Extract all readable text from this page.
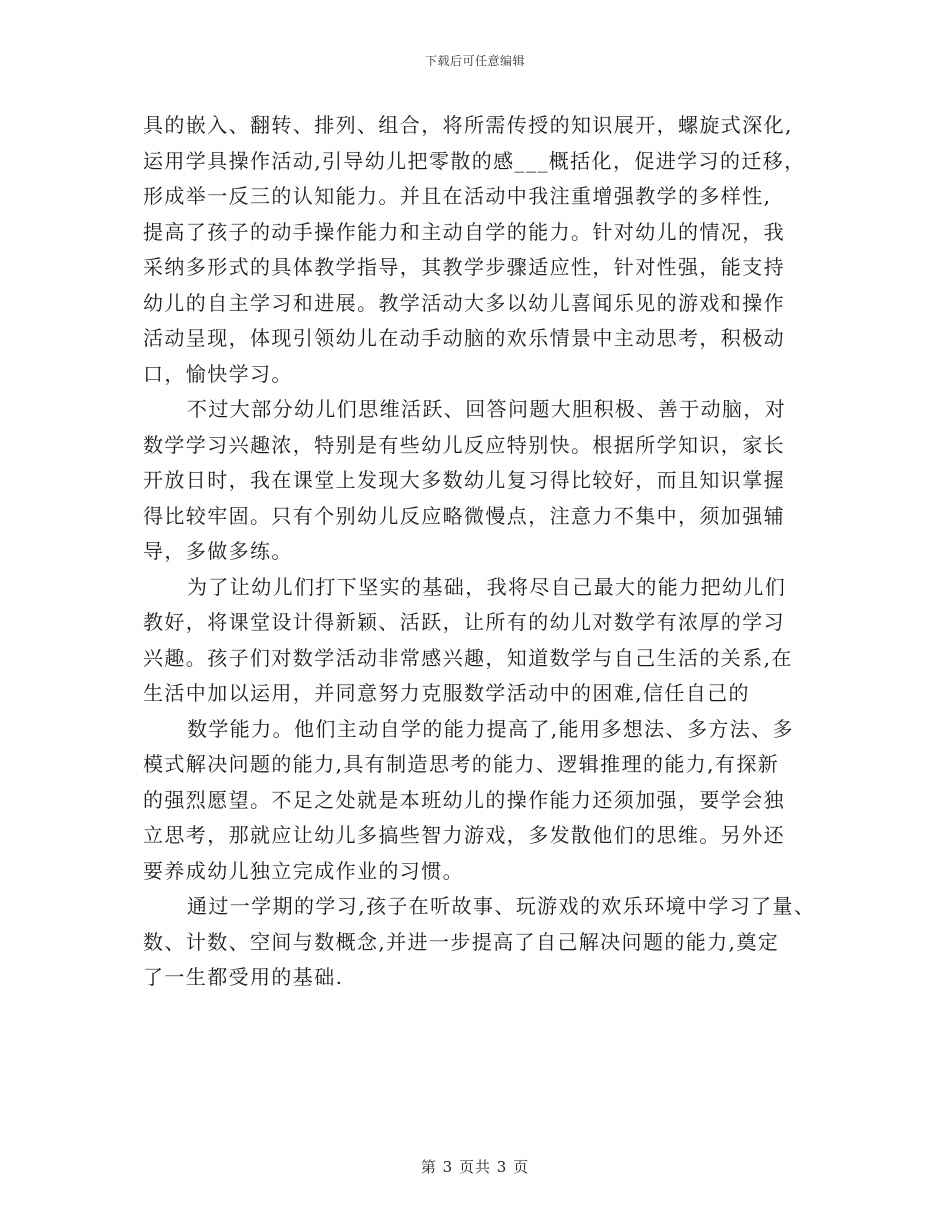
下载后可任意编辑
具的嵌入、翻转、排列、组合，将所需传授的知识展开，螺旋式深化,
运用学具操作活动,引导幼儿把零散的感___概括化，促进学习的迁移，
形成举一反三的认知能力。并且在活动中我注重增强教学的多样性,
提高了孩子的动手操作能力和主动自学的能力。针对幼儿的情况，我
采纳多形式的具体教学指导，其教学步骤适应性，针对性强，能支持
幼儿的自主学习和进展。教学活动大多以幼儿喜闻乐见的游戏和操作
活动呈现，体现引领幼儿在动手动脑的欢乐情景中主动思考，积极动
口，愉快学习。
不过大部分幼儿们思维活跃、回答问题大胆积极、善于动脑，对
数学学习兴趣浓，特别是有些幼儿反应特别快。根据所学知识，家长
开放日时，我在课堂上发现大多数幼儿复习得比较好，而且知识掌握
得比较牢固。只有个别幼儿反应略微慢点，注意力不集中，须加强辅
导，多做多练。
为了让幼儿们打下坚实的基础，我将尽自己最大的能力把幼儿们
教好，将课堂设计得新颖、活跃，让所有的幼儿对数学有浓厚的学习
兴趣。孩子们对数学活动非常感兴趣，知道数学与自己生活的关系,在
生活中加以运用，并同意努力克服数学活动中的困难,信任自己的
数学能力。他们主动自学的能力提高了,能用多想法、多方法、多
模式解决问题的能力,具有制造思考的能力、逻辑推理的能力,有探新
的强烈愿望。不足之处就是本班幼儿的操作能力还须加强，要学会独
立思考，那就应让幼儿多搞些智力游戏，多发散他们的思维。另外还
要养成幼儿独立完成作业的习惯。
通过一学期的学习,孩子在听故事、玩游戏的欢乐环境中学习了量、
数、计数、空间与数概念,并进一步提高了自己解决问题的能力,奠定
了一生都受用的基础.
第 3 页共 3 页
